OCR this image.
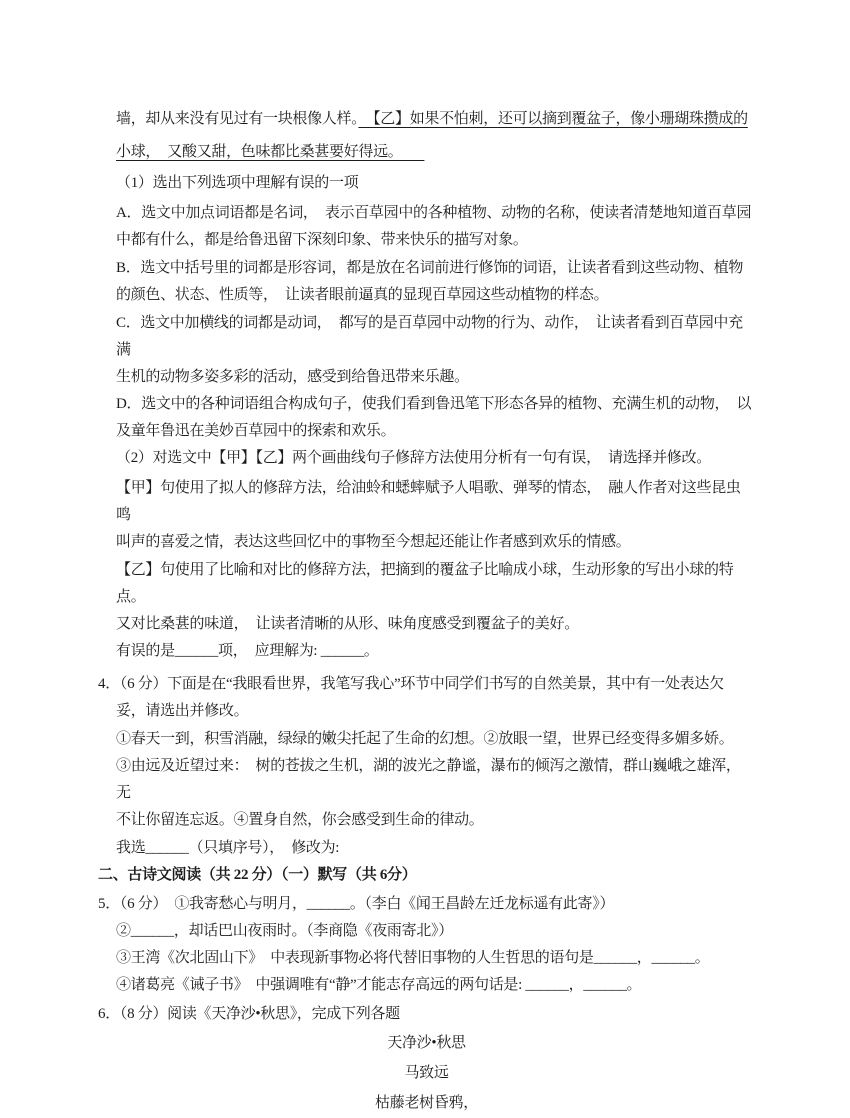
墙，却从来没有见过有一块根像人样。　【乙】如果不怕刺，还可以摘到覆盆子，像小珊瑚珠攒成的

小球，　又酸又甜，色味都比桑葚要好得远。　　

（1）选出下列选项中理解有误的一项

A．选文中加点词语都是名词，　表示百草园中的各种植物、动物的名称，使读者清楚地知道百草园

中都有什么，都是给鲁迅留下深刻印象、带来快乐的描写对象。

B．选文中括号里的词都是形容词，都是放在名词前进行修饰的词语，让读者看到这些动物、植物

的颜色、状态、性质等，　让读者眼前逼真的显现百草园这些动植物的样态。

C．选文中加横线的词都是动词，　都写的是百草园中动物的行为、动作，　让读者看到百草园中充满

生机的动物多姿多彩的活动，感受到给鲁迅带来乐趣。

D．选文中的各种词语组合构成句子，使我们看到鲁迅笔下形态各异的植物、充满生机的动物，　以

及童年鲁迅在美妙百草园中的探索和欢乐。

（2）对选文中【甲】【乙】两个画曲线句子修辞方法使用分析有一句有误，　请选择并修改。

【甲】句使用了拟人的修辞方法，给油蛉和蟋蟀赋予人唱歌、弹琴的情态，　融人作者对这些昆虫鸣

叫声的喜爱之情，表达这些回忆中的事物至今想起还能让作者感到欢乐的情感。

【乙】句使用了比喻和对比的修辞方法，把摘到的覆盆子比喻成小球，生动形象的写出小球的特点。

又对比桑葚的味道，　让读者清晰的从形、味角度感受到覆盆子的美好。

有误的是______项，　应理解为: ______。

4．（6 分）下面是在“我眼看世界，我笔写我心”环节中同学们书写的自然美景，其中有一处表达欠

妥，请选出并修改。

①春天一到，积雪消融，绿绿的嫩尖托起了生命的幻想。②放眼一望，世界已经变得多媚多娇。

③由远及近望过来：　树的苍拔之生机，湖的波光之静谧，瀑布的倾泻之激情，群山巍峨之雄浑，无

不让你留连忘返。④置身自然，你会感受到生命的律动。

我选______（只填序号），　修改为:

二、古诗文阅读（共 22 分）（一）默写（共 6分）

5．（6 分）　①我寄愁心与明月，______。（李白《闻王昌龄左迁龙标遥有此寄》）

②______，却话巴山夜雨时。（李商隐《夜雨寄北》）

③王湾《次北固山下》　中表现新事物必将代替旧事物的人生哲思的语句是______，______。

④诸葛亮《诫子书》　中强调唯有“静”才能志存高远的两句话是: ______，______。

6．（8 分）阅读《天净沙•秋思》，完成下列各题

天净沙•秋思

马致远

枯藤老树昏鸦，
